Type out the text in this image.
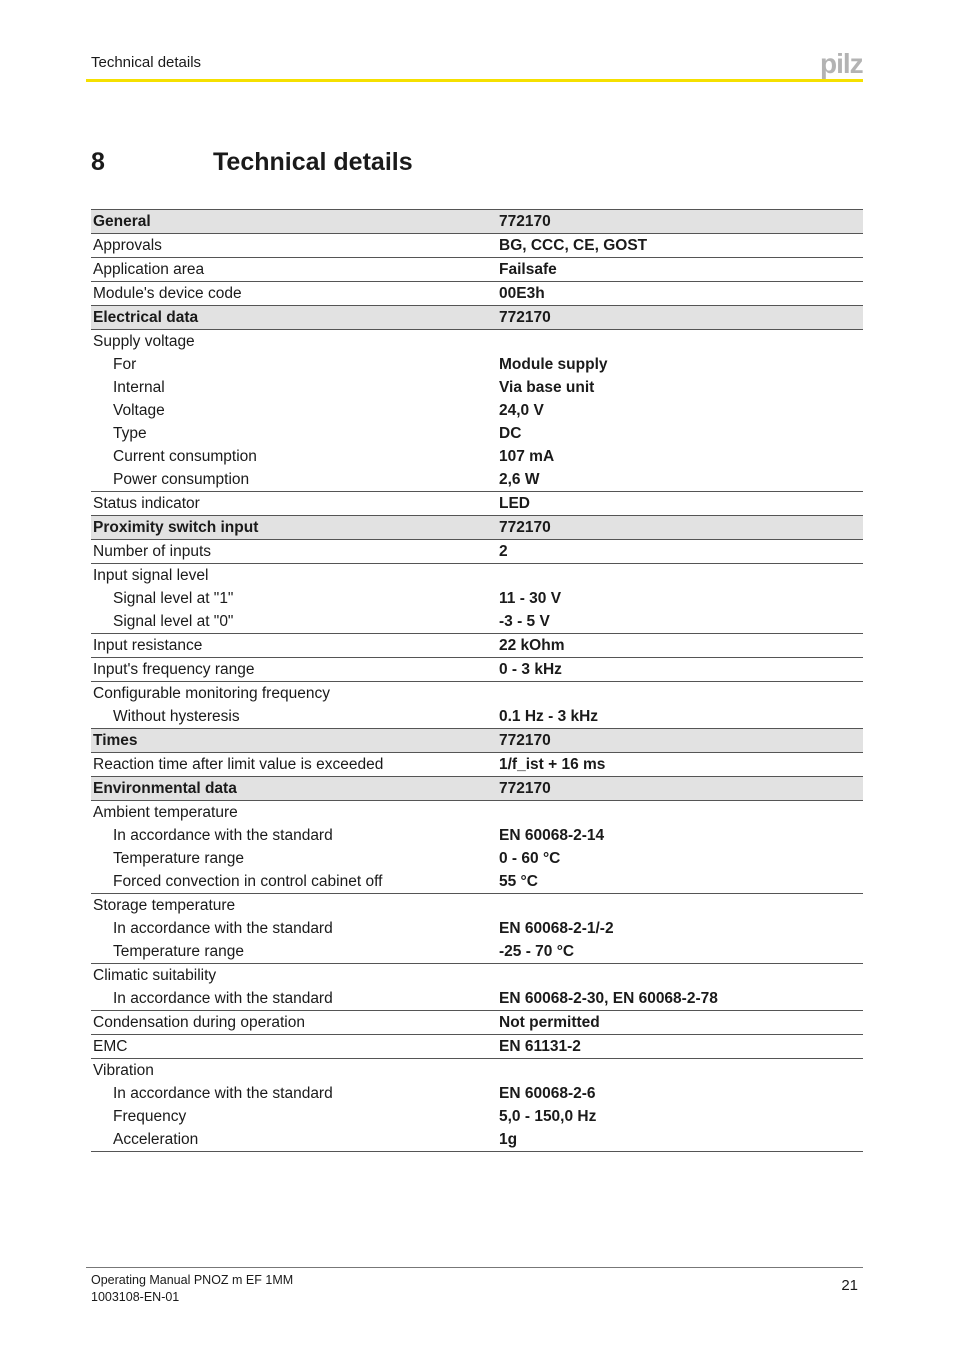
Technical details	pilz
8	Technical details
General	772170
Approvals	BG, CCC, CE, GOST
Application area	Failsafe
Module's device code	00E3h
Electrical data	772170
Supply voltage	
For	Module supply
Internal	Via base unit
Voltage	24,0 V
Type	DC
Current consumption	107 mA
Power consumption	2,6 W
Status indicator	LED
Proximity switch input	772170
Number of inputs	2
Input signal level	
Signal level at "1"	11 - 30 V
Signal level at "0"	-3 - 5 V
Input resistance	22 kOhm
Input's frequency range	0 - 3 kHz
Configurable monitoring frequency	
Without hysteresis	0.1 Hz - 3 kHz
Times	772170
Reaction time after limit value is exceeded	1/f_ist + 16 ms
Environmental data	772170
Ambient temperature	
In accordance with the standard	EN 60068-2-14
Temperature range	0 - 60 °C
Forced convection in control cabinet off	55 °C
Storage temperature	
In accordance with the standard	EN 60068-2-1/-2
Temperature range	-25 - 70 °C
Climatic suitability	
In accordance with the standard	EN 60068-2-30, EN 60068-2-78
Condensation during operation	Not permitted
EMC	EN 61131-2
Vibration	
In accordance with the standard	EN 60068-2-6
Frequency	5,0 - 150,0 Hz
Acceleration	1g
Operating Manual PNOZ m EF 1MM
1003108-EN-01
21
